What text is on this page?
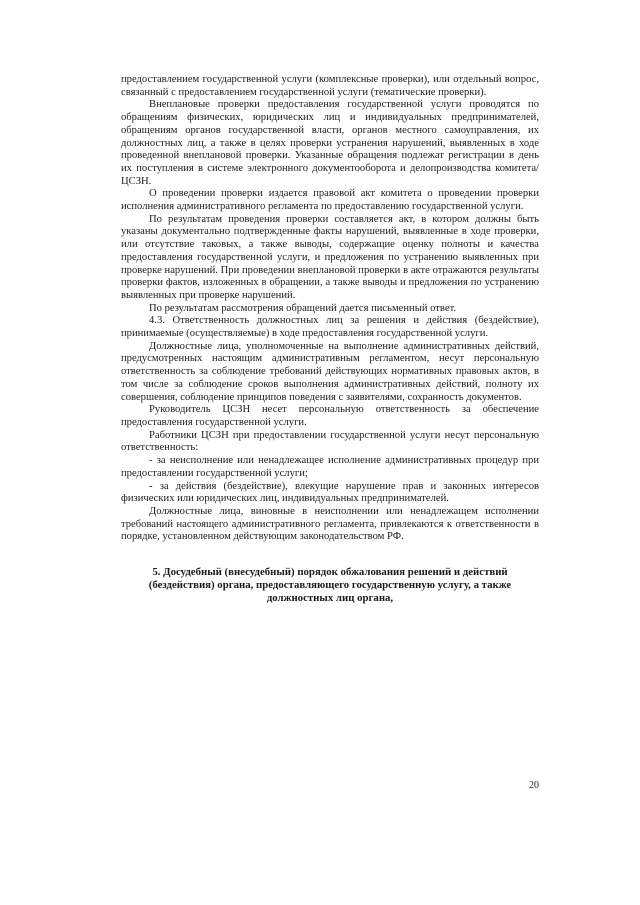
предоставлением государственной услуги (комплексные проверки), или отдельный вопрос, связанный с предоставлением государственной услуги (тематические проверки).

Внеплановые проверки предоставления государственной услуги проводятся по обращениям физических, юридических лиц и индивидуальных предпринимателей, обращениям органов государственной власти, органов местного самоуправления, их должностных лиц, а также в целях проверки устранения нарушений, выявленных в ходе проведенной внеплановой проверки. Указанные обращения подлежат регистрации в день их поступления в системе электронного документооборота и делопроизводства комитета/ЦСЗН.

О проведении проверки издается правовой акт комитета о проведении проверки исполнения административного регламента по предоставлению государственной услуги.

По результатам проведения проверки составляется акт, в котором должны быть указаны документально подтвержденные факты нарушений, выявленные в ходе проверки, или отсутствие таковых, а также выводы, содержащие оценку полноты и качества предоставления государственной услуги, и предложения по устранению выявленных при проверке нарушений. При проведении внеплановой проверки в акте отражаются результаты проверки фактов, изложенных в обращении, а также выводы и предложения по устранению выявленных при проверке нарушений.

По результатам рассмотрения обращений дается письменный ответ.

4.3. Ответственность должностных лиц за решения и действия (бездействие), принимаемые (осуществляемые) в ходе предоставления государственной услуги.

Должностные лица, уполномоченные на выполнение административных действий, предусмотренных настоящим административным регламентом, несут персональную ответственность за соблюдение требований действующих нормативных правовых актов, в том числе за соблюдение сроков выполнения административных действий, полноту их совершения, соблюдение принципов поведения с заявителями, сохранность документов.

Руководитель ЦСЗН несет персональную ответственность за обеспечение предоставления государственной услуги.

Работники ЦСЗН при предоставлении государственной услуги несут персональную ответственность:

- за неисполнение или ненадлежащее исполнение административных процедур при предоставлении государственной услуги;

- за действия (бездействие), влекущие нарушение прав и законных интересов физических или юридических лиц, индивидуальных предпринимателей.

Должностные лица, виновные в неисполнении или ненадлежащем исполнении требований настоящего административного регламента, привлекаются к ответственности в порядке, установленном действующим законодательством РФ.

5. Досудебный (внесудебный) порядок обжалования решений и действий (бездействия) органа, предоставляющего государственную услугу, а также должностных лиц органа,

20
